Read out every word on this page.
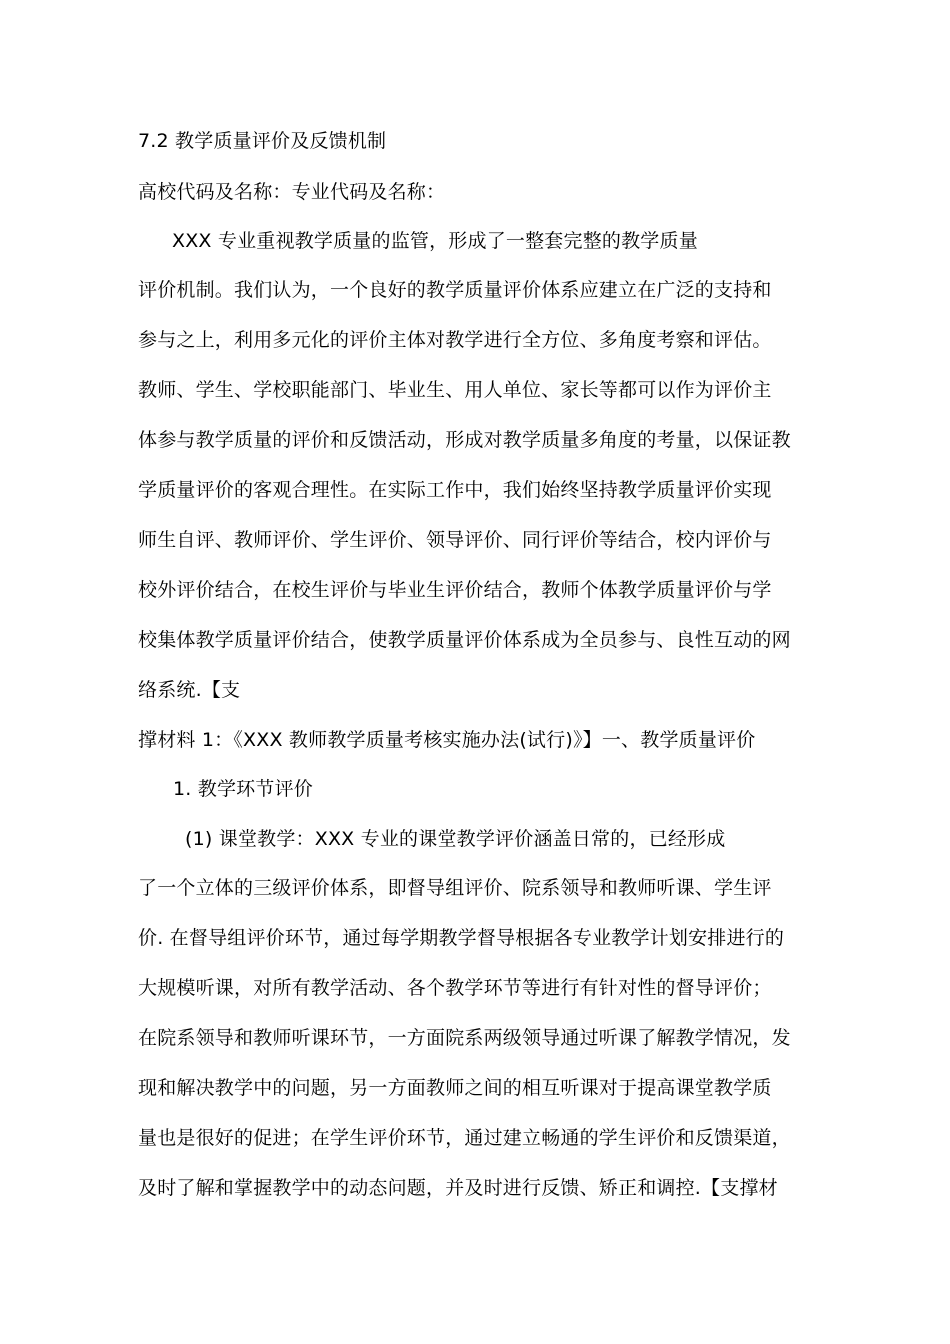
7.2 教学质量评价及反馈机制
高校代码及名称：专业代码及名称：
XXX 专业重视教学质量的监管，形成了一整套完整的教学质量
评价机制。我们认为，一个良好的教学质量评价体系应建立在广泛的支持和
参与之上，利用多元化的评价主体对教学进行全方位、多角度考察和评估。
教师、学生、学校职能部门、毕业生、用人单位、家长等都可以作为评价主
体参与教学质量的评价和反馈活动，形成对教学质量多角度的考量，以保证教
学质量评价的客观合理性。在实际工作中，我们始终坚持教学质量评价实现
师生自评、教师评价、学生评价、领导评价、同行评价等结合，校内评价与
校外评价结合，在校生评价与毕业生评价结合，教师个体教学质量评价与学
校集体教学质量评价结合，使教学质量评价体系成为全员参与、良性互动的网
络系统.【支
撑材料 1：《XXX 教师教学质量考核实施办法(试行)》】一、教学质量评价
1. 教学环节评价
(1) 课堂教学：XXX 专业的课堂教学评价涵盖日常的，已经形成
了一个立体的三级评价体系，即督导组评价、院系领导和教师听课、学生评
价. 在督导组评价环节，通过每学期教学督导根据各专业教学计划安排进行的
大规模听课，对所有教学活动、各个教学环节等进行有针对性的督导评价；
在院系领导和教师听课环节，一方面院系两级领导通过听课了解教学情况，发
现和解决教学中的问题，另一方面教师之间的相互听课对于提高课堂教学质
量也是很好的促进；在学生评价环节，通过建立畅通的学生评价和反馈渠道，
及时了解和掌握教学中的动态问题，并及时进行反馈、矫正和调控.【支撑材
